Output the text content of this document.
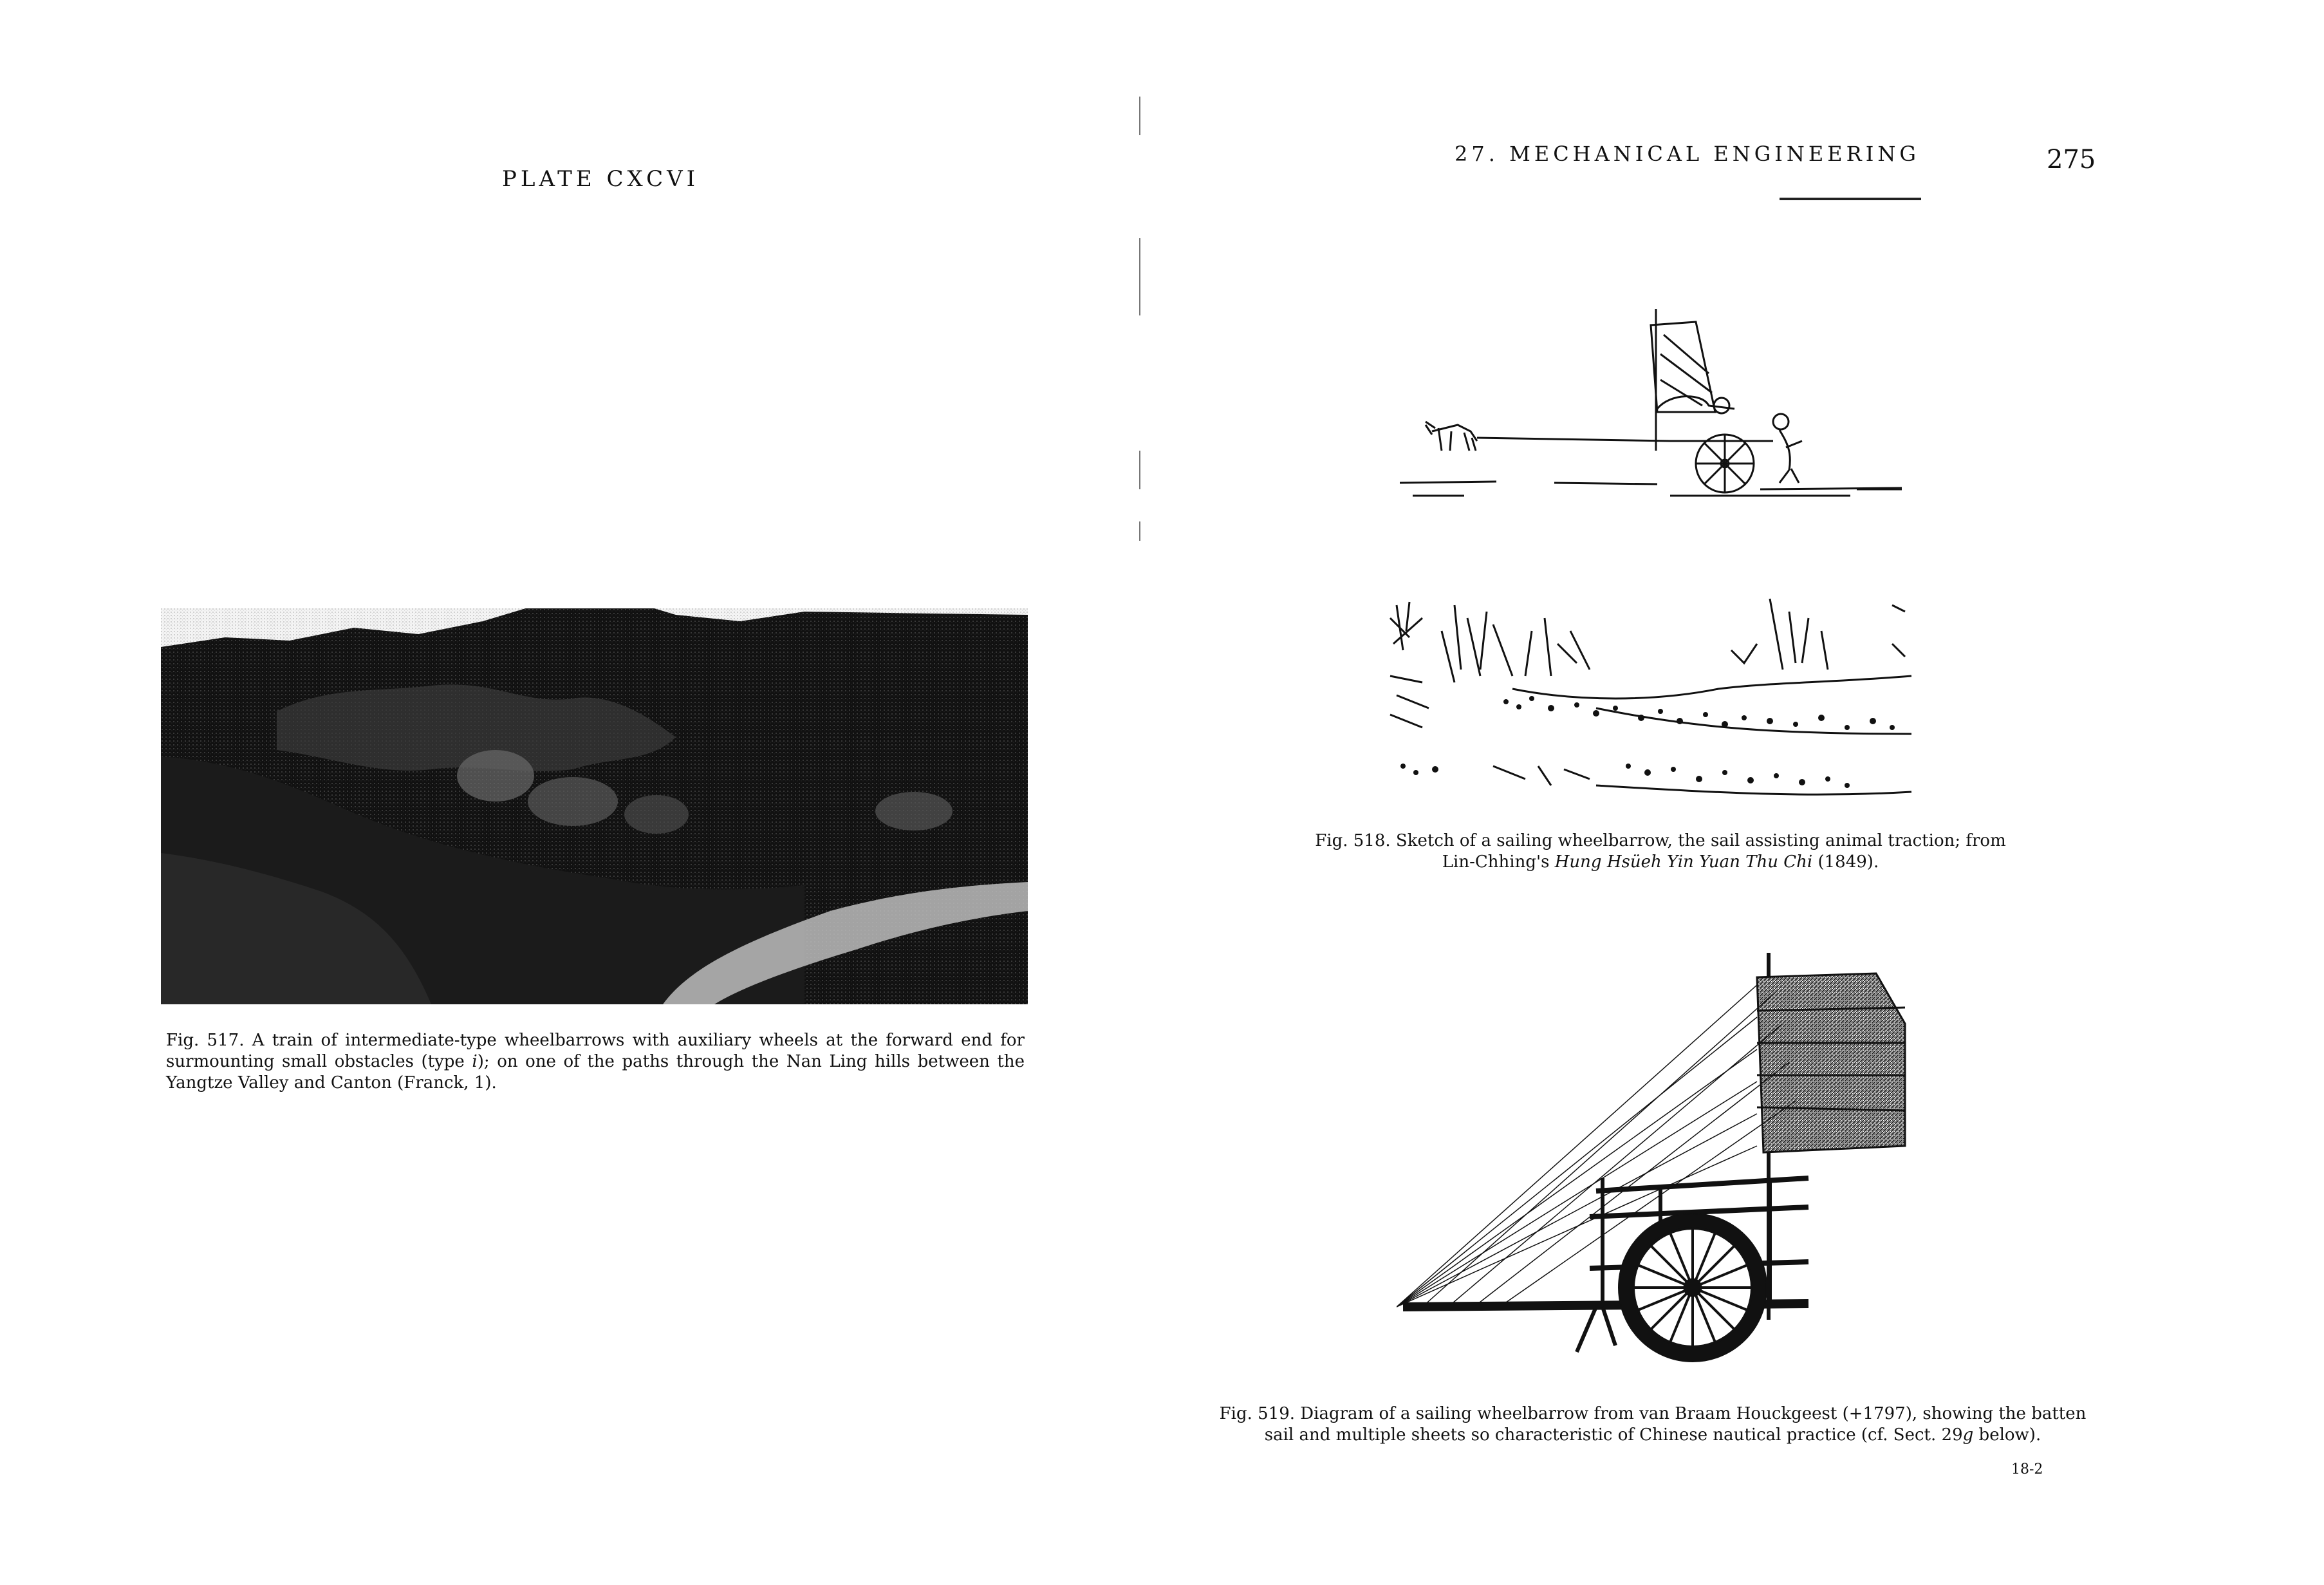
PLATE CXCVI
Fig. 517. A train of intermediate-type wheelbarrows with auxiliary wheels at the forward end for surmounting small obstacles (type i); on one of the paths through the Nan Ling hills between the Yangtze Valley and Canton (Franck, 1).
27. MECHANICAL ENGINEERING	275
Fig. 518. Sketch of a sailing wheelbarrow, the sail assisting animal traction; from Lin-Chhing's Hung Hsüeh Yin Yuan Thu Chi (1849).
Fig. 519. Diagram of a sailing wheelbarrow from van Braam Houckgeest (+1797), showing the batten sail and multiple sheets so characteristic of Chinese nautical practice (cf. Sect. 29g below).
18-2
